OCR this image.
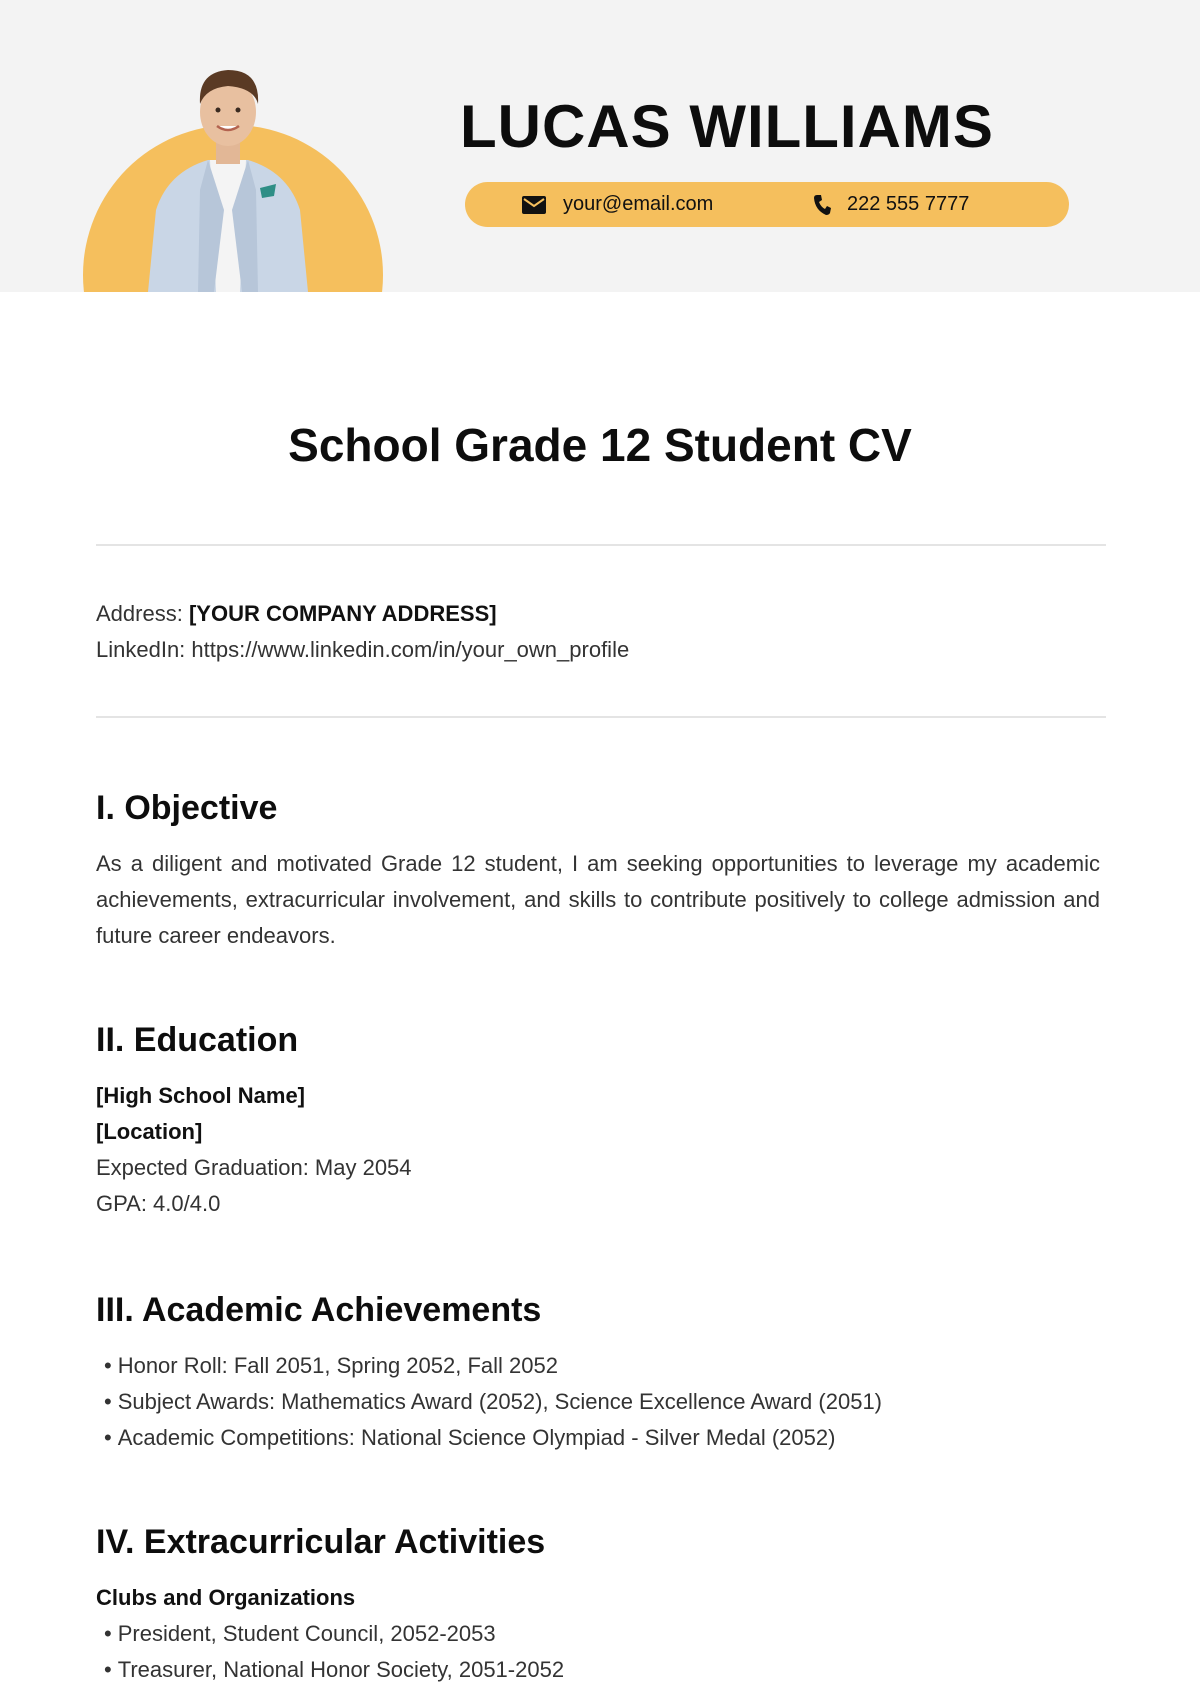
LUCAS WILLIAMS
your@email.com	222 555 7777
School Grade 12 Student CV
Address: [YOUR COMPANY ADDRESS]
LinkedIn: https://www.linkedin.com/in/your_own_profile
I. Objective
As a diligent and motivated Grade 12 student, I am seeking opportunities to leverage my academic achievements, extracurricular involvement, and skills to contribute positively to college admission and future career endeavors.
II. Education
[High School Name]
[Location]
Expected Graduation: May 2054
GPA: 4.0/4.0
III. Academic Achievements
• Honor Roll: Fall 2051, Spring 2052, Fall 2052
• Subject Awards: Mathematics Award (2052), Science Excellence Award (2051)
• Academic Competitions: National Science Olympiad - Silver Medal (2052)
IV. Extracurricular Activities
Clubs and Organizations
• President, Student Council, 2052-2053
• Treasurer, National Honor Society, 2051-2052
